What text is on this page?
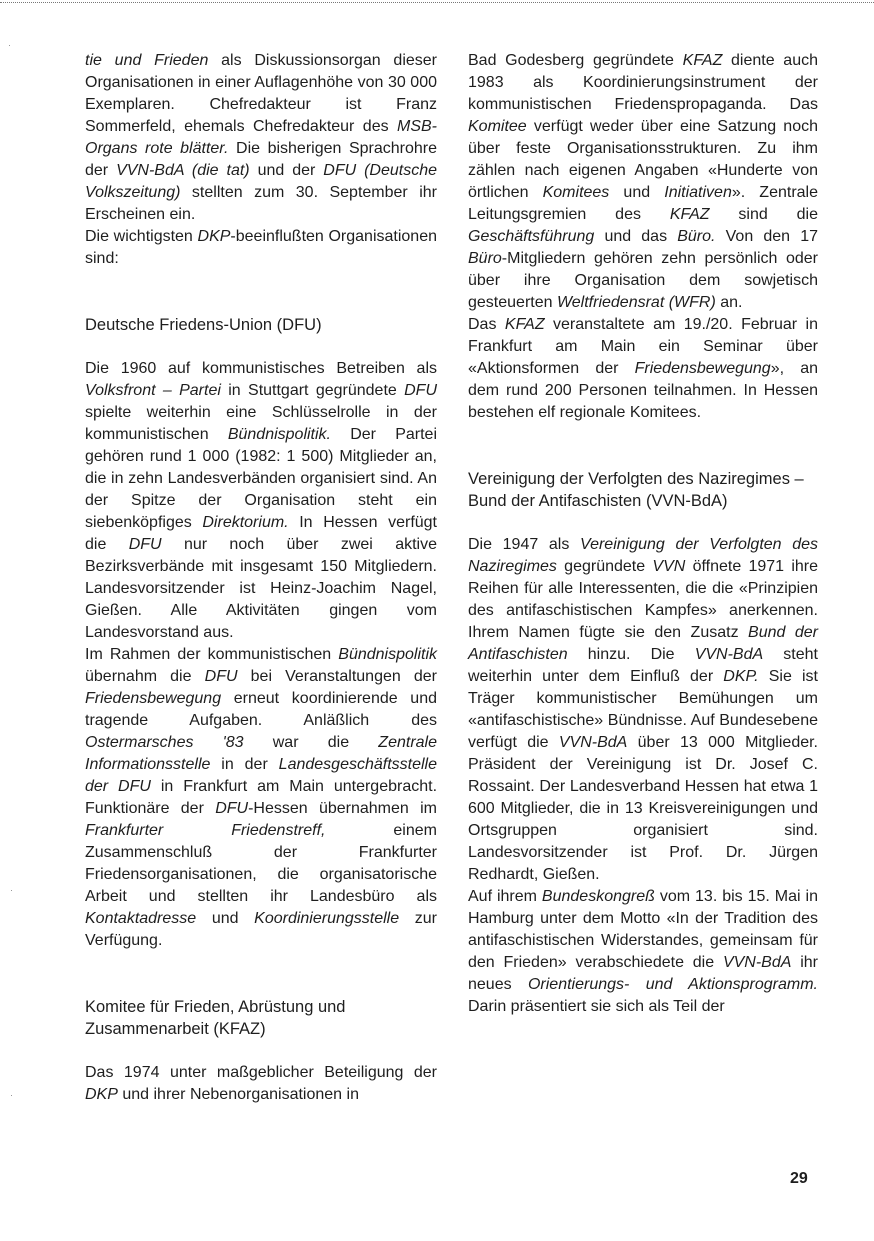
·
·
·

tie und Frieden als Diskussionsorgan dieser Organisationen in einer Auflagenhöhe von 30 000 Exemplaren. Chefredakteur ist Franz Sommerfeld, ehemals Chefredakteur des MSB-Organs rote blätter. Die bisherigen Sprachrohre der VVN-BdA (die tat) und der DFU (Deutsche Volkszeitung) stellten zum 30. September ihr Erscheinen ein.

Die wichtigsten DKP-beeinflußten Organisationen sind:

Deutsche Friedens-Union (DFU)

Die 1960 auf kommunistisches Betreiben als Volksfront – Partei in Stuttgart gegründete DFU spielte weiterhin eine Schlüsselrolle in der kommunistischen Bündnispolitik. Der Partei gehören rund 1 000 (1982: 1 500) Mitglieder an, die in zehn Landesverbänden organisiert sind. An der Spitze der Organisation steht ein siebenköpfiges Direktorium. In Hessen verfügt die DFU nur noch über zwei aktive Bezirksverbände mit insgesamt 150 Mitgliedern. Landesvorsitzender ist Heinz-Joachim Nagel, Gießen. Alle Aktivitäten gingen vom Landesvorstand aus.

Im Rahmen der kommunistischen Bündnispolitik übernahm die DFU bei Veranstaltungen der Friedensbewegung erneut koordinierende und tragende Aufgaben. Anläßlich des Ostermarsches '83 war die Zentrale Informationsstelle in der Landesgeschäftsstelle der DFU in Frankfurt am Main untergebracht. Funktionäre der DFU-Hessen übernahmen im Frankfurter Friedenstreff, einem Zusammenschluß der Frankfurter Friedensorganisationen, die organisatorische Arbeit und stellten ihr Landesbüro als Kontaktadresse und Koordinierungsstelle zur Verfügung.

Komitee für Frieden, Abrüstung und Zusammenarbeit (KFAZ)

Das 1974 unter maßgeblicher Beteiligung der DKP und ihrer Nebenorganisationen in

Bad Godesberg gegründete KFAZ diente auch 1983 als Koordinierungsinstrument der kommunistischen Friedenspropaganda. Das Komitee verfügt weder über eine Satzung noch über feste Organisationsstrukturen. Zu ihm zählen nach eigenen Angaben «Hunderte von örtlichen Komitees und Initiativen». Zentrale Leitungsgremien des KFAZ sind die Geschäftsführung und das Büro. Von den 17 Büro-Mitgliedern gehören zehn persönlich oder über ihre Organisation dem sowjetisch gesteuerten Weltfriedensrat (WFR) an.

Das KFAZ veranstaltete am 19./20. Februar in Frankfurt am Main ein Seminar über «Aktionsformen der Friedensbewegung», an dem rund 200 Personen teilnahmen. In Hessen bestehen elf regionale Komitees.

Vereinigung der Verfolgten des Naziregimes – Bund der Antifaschisten (VVN-BdA)

Die 1947 als Vereinigung der Verfolgten des Naziregimes gegründete VVN öffnete 1971 ihre Reihen für alle Interessenten, die die «Prinzipien des antifaschistischen Kampfes» anerkennen. Ihrem Namen fügte sie den Zusatz Bund der Antifaschisten hinzu. Die VVN-BdA steht weiterhin unter dem Einfluß der DKP. Sie ist Träger kommunistischer Bemühungen um «antifaschistische» Bündnisse. Auf Bundesebene verfügt die VVN-BdA über 13 000 Mitglieder. Präsident der Vereinigung ist Dr. Josef C. Rossaint. Der Landesverband Hessen hat etwa 1 600 Mitglieder, die in 13 Kreisvereinigungen und Ortsgruppen organisiert sind. Landesvorsitzender ist Prof. Dr. Jürgen Redhardt, Gießen.

Auf ihrem Bundeskongreß vom 13. bis 15. Mai in Hamburg unter dem Motto «In der Tradition des antifaschistischen Widerstandes, gemeinsam für den Frieden» verabschiedete die VVN-BdA ihr neues Orientierungs- und Aktionsprogramm. Darin präsentiert sie sich als Teil der

29
